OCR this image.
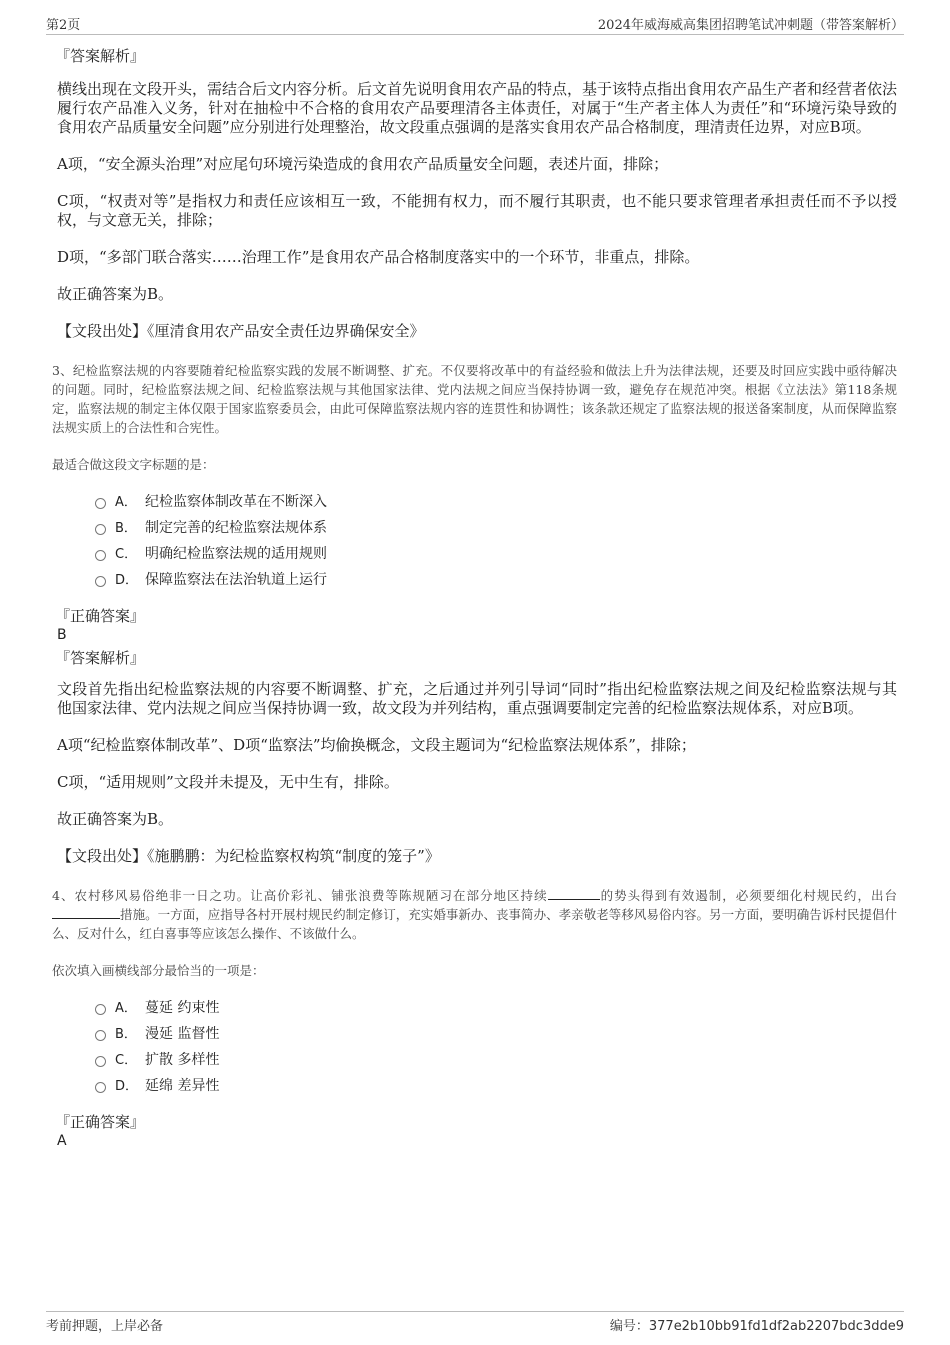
第2页	2024年威海威高集团招聘笔试冲刺题（带答案解析）

『答案解析』

横线出现在文段开头，需结合后文内容分析。后文首先说明食用农产品的特点，基于该特点指出食用农产品生产者和经营者依法履行农产品准入义务，针对在抽检中不合格的食用农产品要理清各主体责任，对属于“生产者主体人为责任”和“环境污染导致的食用农产品质量安全问题”应分别进行处理整治，故文段重点强调的是落实食用农产品合格制度，理清责任边界，对应B项。

A项，“安全源头治理”对应尾句环境污染造成的食用农产品质量安全问题，表述片面，排除；

C项，“权责对等”是指权力和责任应该相互一致，不能拥有权力，而不履行其职责，也不能只要求管理者承担责任而不予以授权，与文意无关，排除；

D项，“多部门联合落实……治理工作”是食用农产品合格制度落实中的一个环节，非重点，排除。

故正确答案为B。

【文段出处】《厘清食用农产品安全责任边界确保安全》

3、纪检监察法规的内容要随着纪检监察实践的发展不断调整、扩充。不仅要将改革中的有益经验和做法上升为法律法规，还要及时回应实践中亟待解决的问题。同时，纪检监察法规之间、纪检监察法规与其他国家法律、党内法规之间应当保持协调一致，避免存在规范冲突。根据《立法法》第118条规定，监察法规的制定主体仅限于国家监察委员会，由此可保障监察法规内容的连贯性和协调性；该条款还规定了监察法规的报送备案制度，从而保障监察法规实质上的合法性和合宪性。

最适合做这段文字标题的是：

A． 纪检监察体制改革在不断深入
B． 制定完善的纪检监察法规体系
C． 明确纪检监察法规的适用规则
D． 保障监察法在法治轨道上运行

『正确答案』

B

『答案解析』

文段首先指出纪检监察法规的内容要不断调整、扩充，之后通过并列引导词“同时”指出纪检监察法规之间及纪检监察法规与其他国家法律、党内法规之间应当保持协调一致，故文段为并列结构，重点强调要制定完善的纪检监察法规体系，对应B项。

A项“纪检监察体制改革”、D项“监察法”均偷换概念，文段主题词为“纪检监察法规体系”，排除；

C项，“适用规则”文段并未提及，无中生有，排除。

故正确答案为B。

【文段出处】《施鹏鹏：为纪检监察权构筑“制度的笼子”》

4、农村移风易俗绝非一日之功。让高价彩礼、铺张浪费等陈规陋习在部分地区持续	的势头得到有效遏制，必须要细化村规民约，出台措施。一方面，应指导各村开展村规民约制定修订，充实婚事新办、丧事简办、孝亲敬老等移风易俗内容。另一方面，要明确告诉村民提倡什么、反对什么，红白喜事等应该怎么操作、不该做什么。

依次填入画横线部分最恰当的一项是：

A． 蔓延 约束性
B． 漫延 监督性
C． 扩散 多样性
D． 延绵 差异性

『正确答案』

A

考前押题，上岸必备	编号：377e2b10bb91fd1df2ab2207bdc3dde9
